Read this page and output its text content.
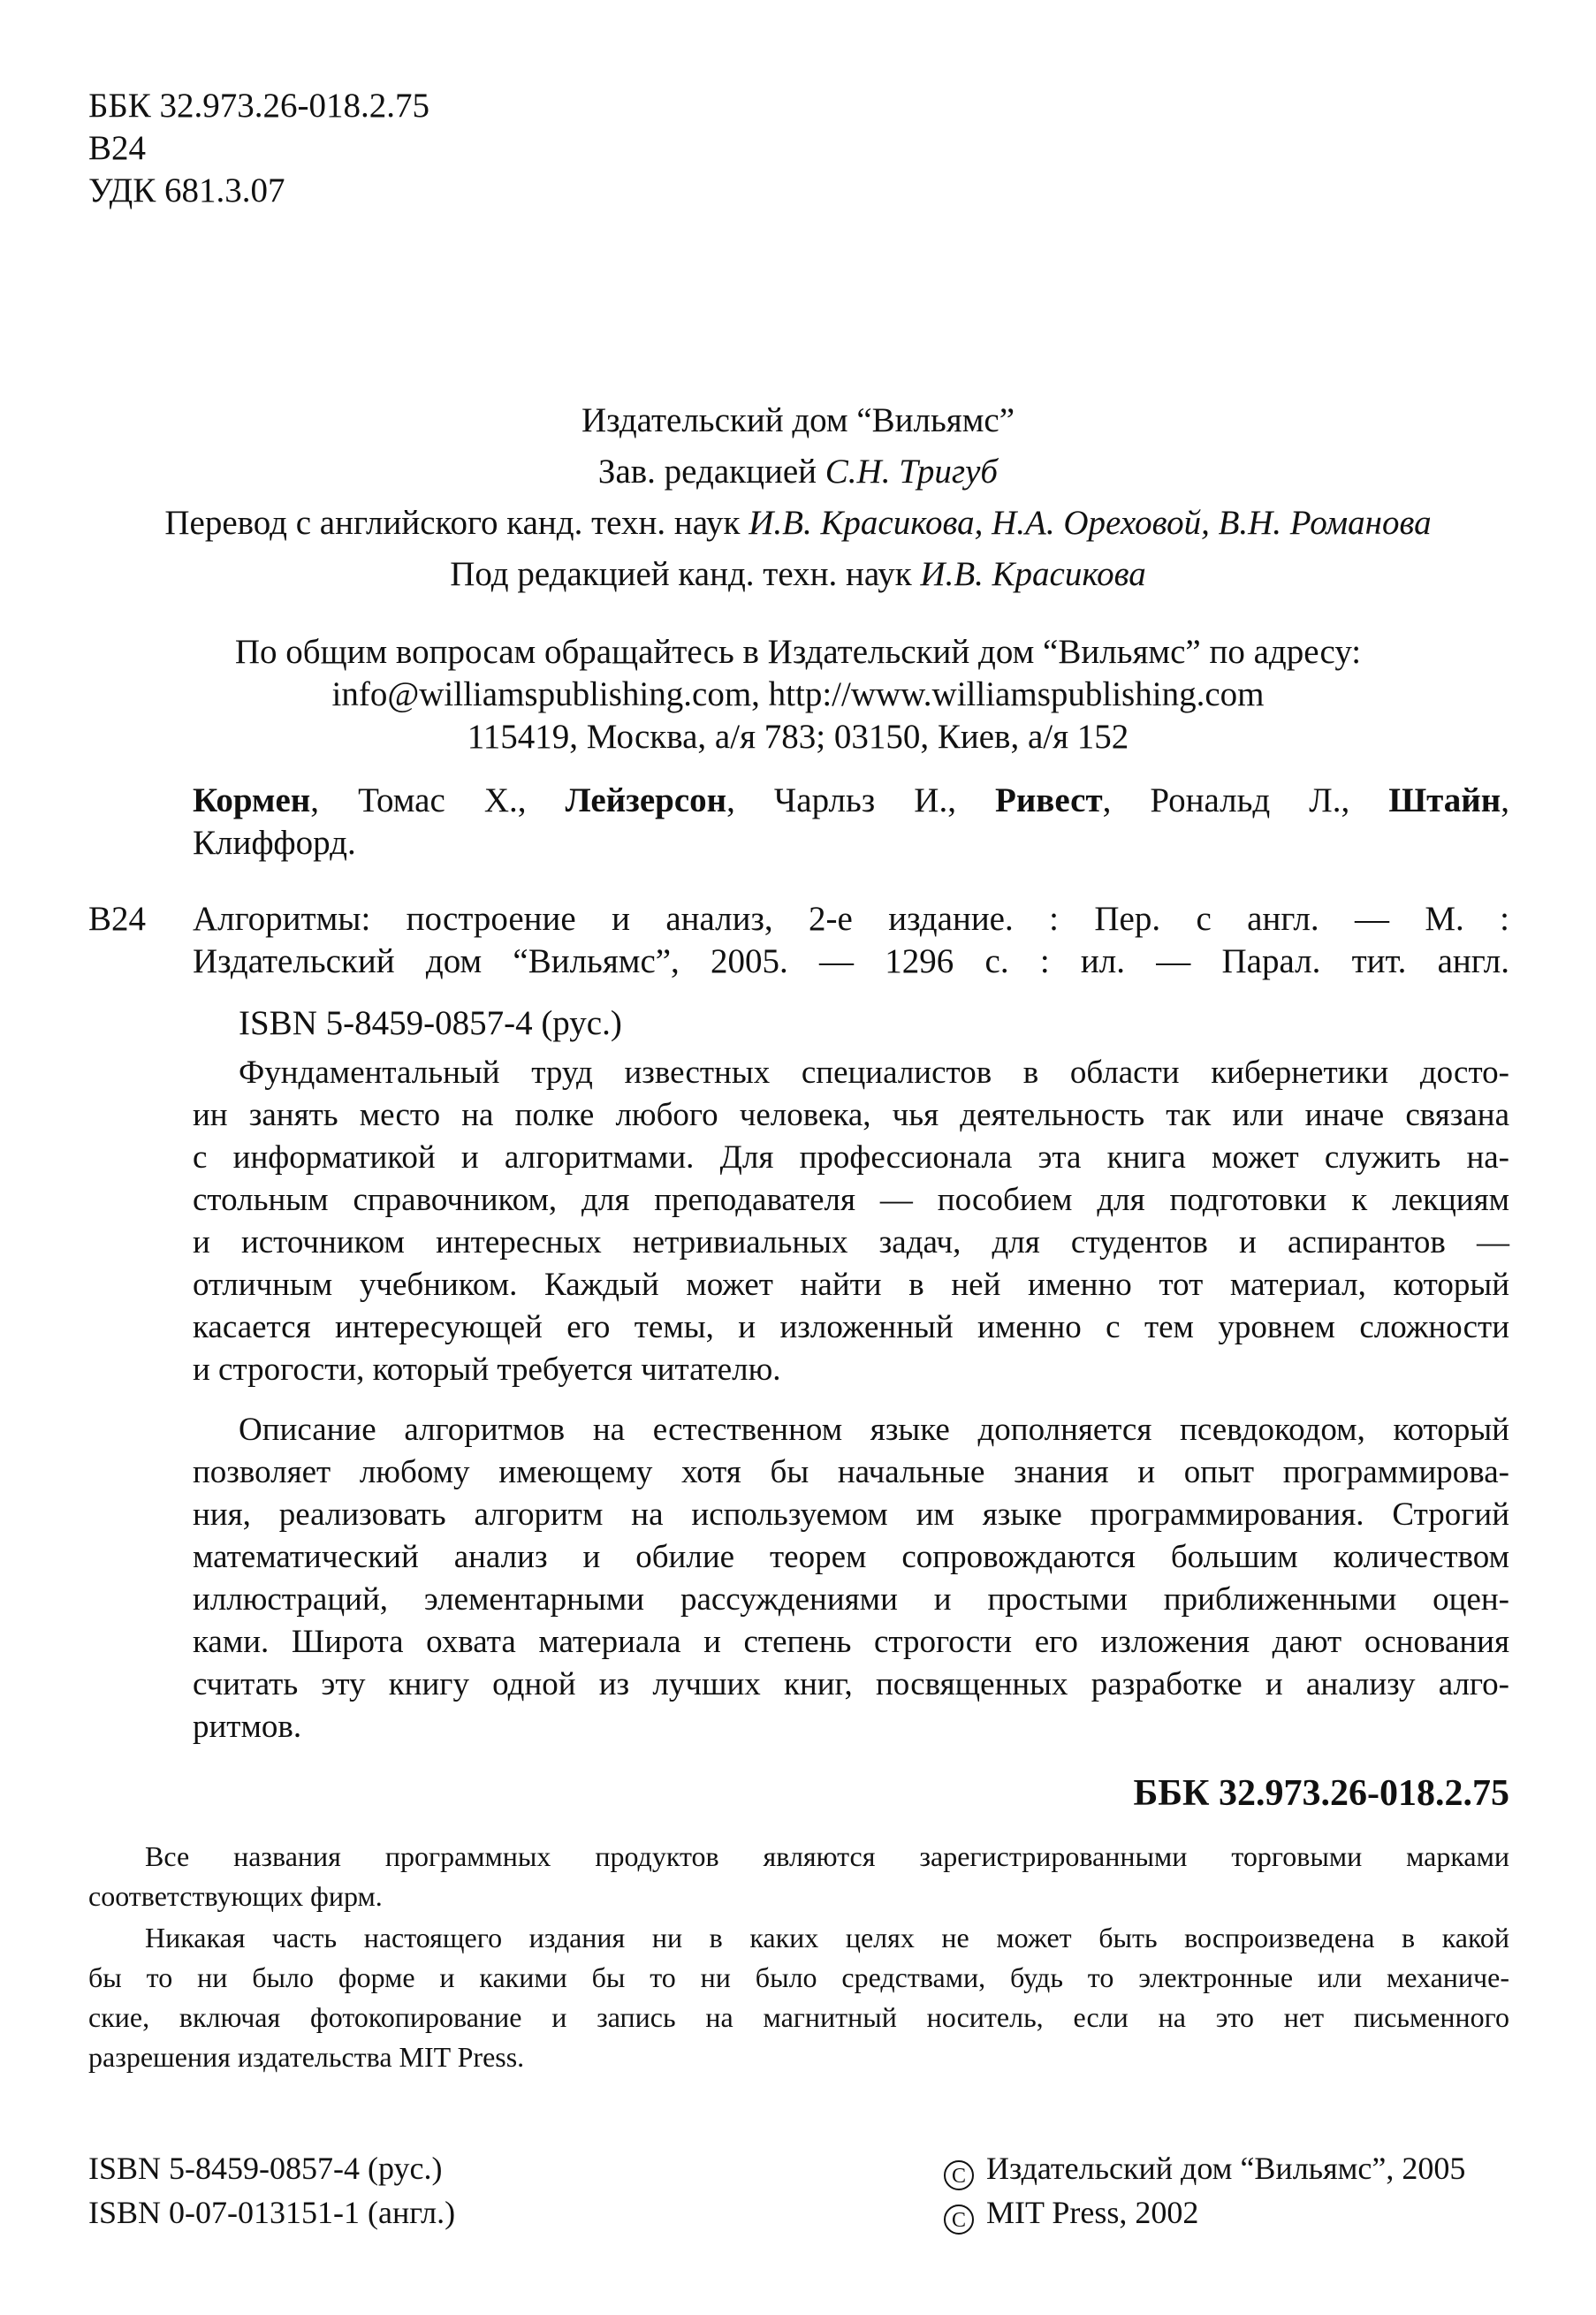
ББК 32.973.26-018.2.75
В24
УДК 681.3.07
Издательский дом “Вильямс”
Зав. редакцией С.Н. Тригуб
Перевод с английского канд. техн. наук И.В. Красикова, Н.А. Ореховой, В.Н. Романова
Под редакцией канд. техн. наук И.В. Красикова
По общим вопросам обращайтесь в Издательский дом “Вильямс” по адресу:
info@williamspublishing.com, http://www.williamspublishing.com
115419, Москва, а/я 783; 03150, Киев, а/я 152
Кормен, Томас Х., Лейзерсон, Чарльз И., Ривест, Рональд Л., Штайн,
Клиффорд.
В24 Алгоритмы: построение и анализ, 2-е издание. : Пер. с англ. — М. :
Издательский дом “Вильямс”, 2005. — 1296 с. : ил. — Парал. тит. англ.
ISBN 5-8459-0857-4 (рус.)
Фундаментальный труд известных специалистов в области кибернетики досто-
ин занять место на полке любого человека, чья деятельность так или иначе связана
с информатикой и алгоритмами. Для профессионала эта книга может служить на-
стольным справочником, для преподавателя — пособием для подготовки к лекциям
и источником интересных нетривиальных задач, для студентов и аспирантов —
отличным учебником. Каждый может найти в ней именно тот материал, который
касается интересующей его темы, и изложенный именно с тем уровнем сложности
и строгости, который требуется читателю.
Описание алгоритмов на естественном языке дополняется псевдокодом, который
позволяет любому имеющему хотя бы начальные знания и опыт программирова-
ния, реализовать алгоритм на используемом им языке программирования. Строгий
математический анализ и обилие теорем сопровождаются большим количеством
иллюстраций, элементарными рассуждениями и простыми приближенными оцен-
ками. Широта охвата материала и степень строгости его изложения дают основания
считать эту книгу одной из лучших книг, посвященных разработке и анализу алго-
ритмов.
ББК 32.973.26-018.2.75
Все названия программных продуктов являются зарегистрированными торговыми марками
соответствующих фирм.
Никакая часть настоящего издания ни в каких целях не может быть воспроизведена в какой
бы то ни было форме и какими бы то ни было средствами, будь то электронные или механиче-
ские, включая фотокопирование и запись на магнитный носитель, если на это нет письменного
разрешения издательства MIT Press.
ISBN 5-8459-0857-4 (рус.)
ISBN 0-07-013151-1 (англ.)
C Издательский дом “Вильямс”, 2005
C MIT Press, 2002
